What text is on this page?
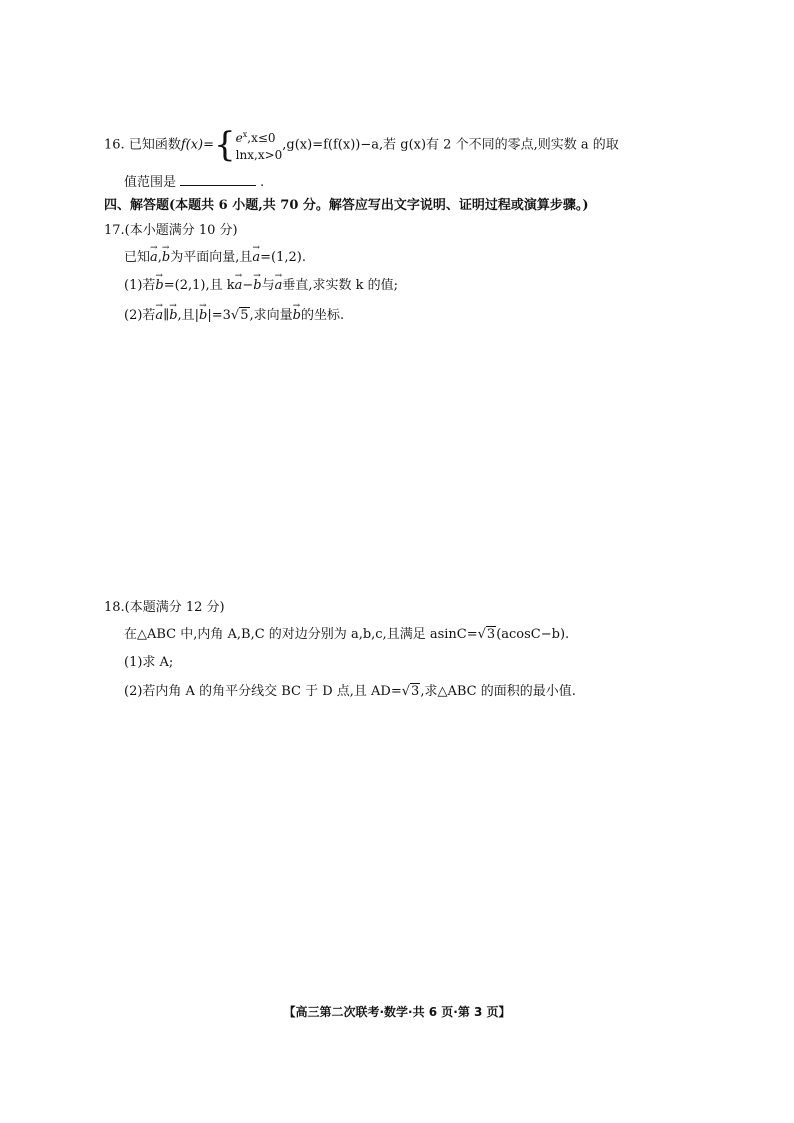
16. 已知函数$f(x)=\{e^x,x\le 0$
lnx,x>0,g(x)=f(f(x))−a,若 g(x)有 2 个不同的零点,则实数 a 的取
值范围是	.
四、解答题(本题共 6 小题,共 70 分。解答应写出文字说明、证明过程或演算步骤。)
17.(本小题满分 10 分)
已知→ a,→ b为平面向量,且→ a=(1,2).
(1)若→ b=(2,1),且 k→ a−→ b与→ a垂直,求实数 k 的值;
(2)若→ a∥→ b,且|→ b|=3√5,求向量→ b的坐标.
18.(本题满分 12 分)
在△ABC 中,内角 A,B,C 的对边分别为 a,b,c,且满足 asinC=√3(acosC−b).
(1)求 A;
(2)若内角 A 的角平分线交 BC 于 D 点,且 AD=√3,求△ABC 的面积的最小值.
【高三第二次联考·数学·共 6 页·第 3 页】
